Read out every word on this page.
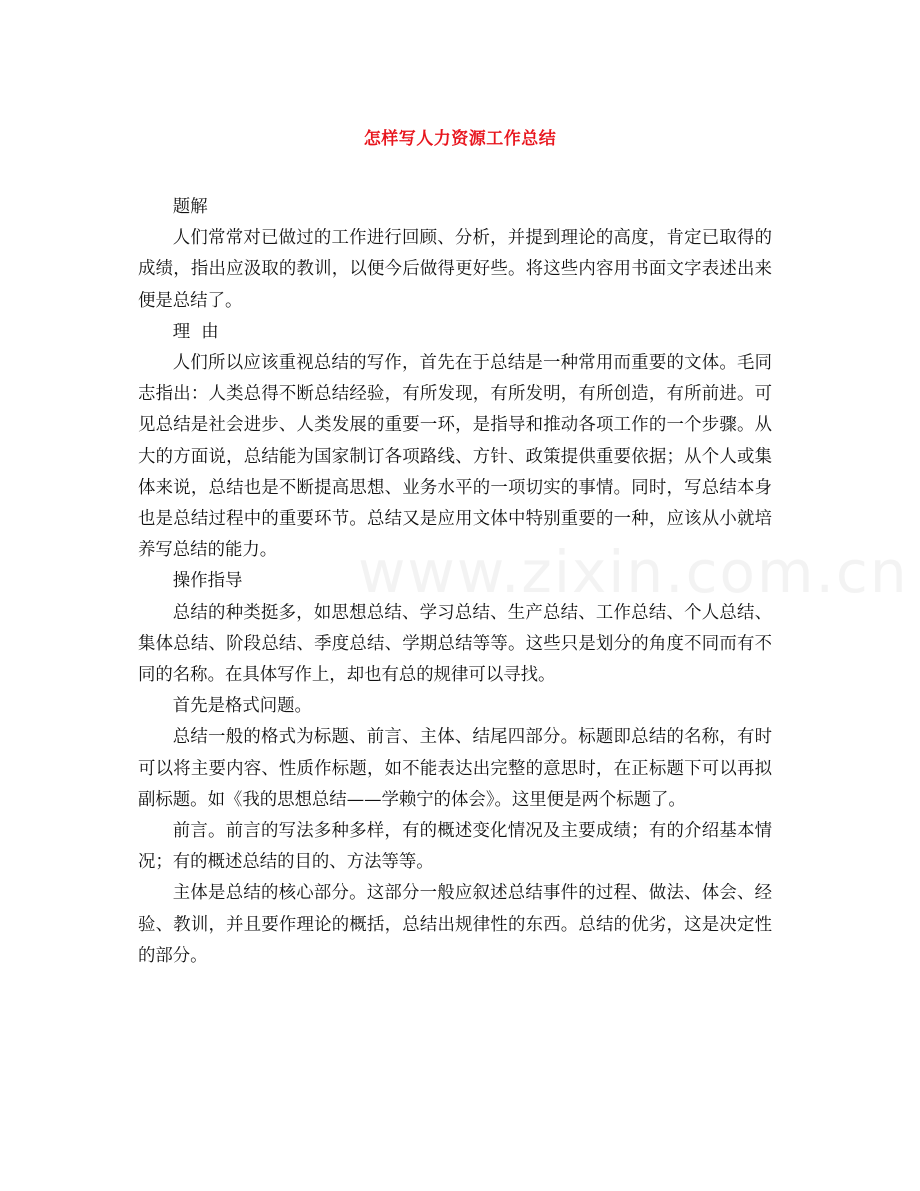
www.zixin.com.cn
怎样写人力资源工作总结

题解

人们常常对已做过的工作进行回顾、分析，并提到理论的高度，肯定已取得的成绩，指出应汲取的教训，以便今后做得更好些。将这些内容用书面文字表述出来便是总结了。

理  由

人们所以应该重视总结的写作，首先在于总结是一种常用而重要的文体。毛同志指出：人类总得不断总结经验，有所发现，有所发明，有所创造，有所前进。可见总结是社会进步、人类发展的重要一环，是指导和推动各项工作的一个步骤。从大的方面说，总结能为国家制订各项路线、方针、政策提供重要依据；从个人或集体来说，总结也是不断提高思想、业务水平的一项切实的事情。同时，写总结本身也是总结过程中的重要环节。总结又是应用文体中特别重要的一种，应该从小就培养写总结的能力。

操作指导

总结的种类挺多，如思想总结、学习总结、生产总结、工作总结、个人总结、集体总结、阶段总结、季度总结、学期总结等等。这些只是划分的角度不同而有不同的名称。在具体写作上，却也有总的规律可以寻找。

首先是格式问题。

总结一般的格式为标题、前言、主体、结尾四部分。标题即总结的名称，有时可以将主要内容、性质作标题，如不能表达出完整的意思时，在正标题下可以再拟副标题。如《我的思想总结——学赖宁的体会》。这里便是两个标题了。

前言。前言的写法多种多样，有的概述变化情况及主要成绩；有的介绍基本情况；有的概述总结的目的、方法等等。

主体是总结的核心部分。这部分一般应叙述总结事件的过程、做法、体会、经验、教训，并且要作理论的概括，总结出规律性的东西。总结的优劣，这是决定性的部分。
